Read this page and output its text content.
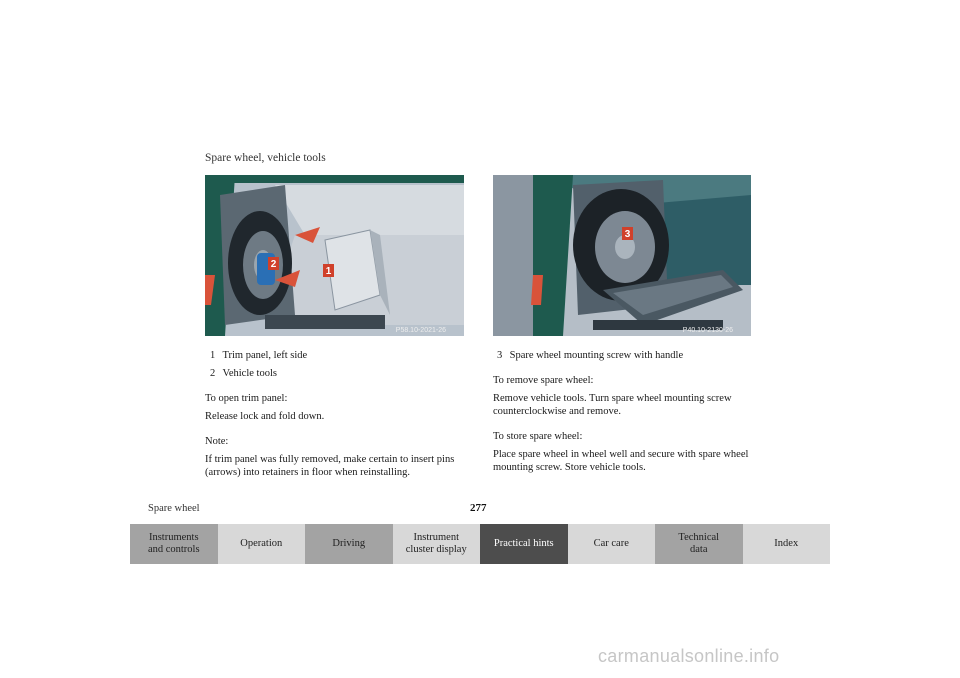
Spare wheel, vehicle tools
1
2
P58.10-2021-26
3
P40.10-2130-26
1 Trim panel, left side
2 Vehicle tools
To open trim panel:
Release lock and fold down.
Note:
If trim panel was fully removed, make certain to insert pins (arrows) into retainers in floor when reinstalling.
3 Spare wheel mounting screw with handle
To remove spare wheel:
Remove vehicle tools. Turn spare wheel mounting screw counterclockwise and remove.
To store spare wheel:
Place spare wheel in wheel well and secure with spare wheel mounting screw. Store vehicle tools.
Spare wheel	277
Instruments and controls
Operation	Driving
Instrument cluster display
Practical hints	Car care
Technical data
Index
carmanualsonline.info
